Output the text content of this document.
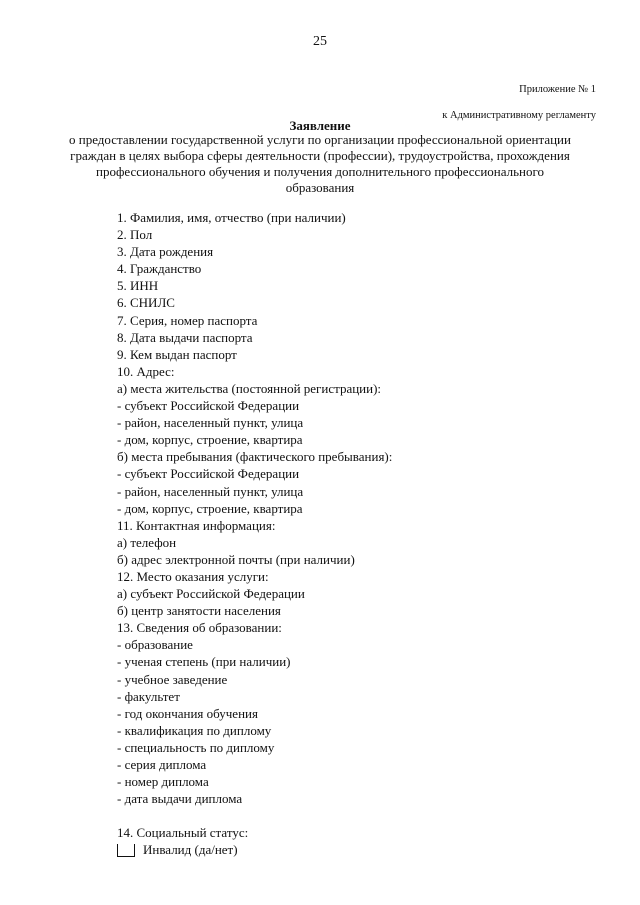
25
Приложение № 1
к Административному регламенту
Заявление
о предоставлении государственной услуги по организации профессиональной ориентации
граждан в целях выбора сферы деятельности (профессии), трудоустройства, прохождения
профессионального обучения и получения дополнительного профессионального
образования
1. Фамилия, имя, отчество (при наличии)
2. Пол
3. Дата рождения
4. Гражданство
5. ИНН
6. СНИЛС
7. Серия, номер паспорта
8. Дата выдачи паспорта
9. Кем выдан паспорт
10. Адрес:
а) места жительства (постоянной регистрации):
- субъект Российской Федерации
- район, населенный пункт, улица
- дом, корпус, строение, квартира
б) места пребывания (фактического пребывания):
- субъект Российской Федерации
- район, населенный пункт, улица
- дом, корпус, строение, квартира
11. Контактная информация:
а) телефон
б) адрес электронной почты (при наличии)
12. Место оказания услуги:
а) субъект Российской Федерации
б) центр занятости населения
13. Сведения об образовании:
- образование
- ученая степень (при наличии)
- учебное заведение
- факультет
- год окончания обучения
- квалификация по диплому
- специальность по диплому
- серия диплома
- номер диплома
- дата выдачи диплома
14. Социальный статус:
Инвалид (да/нет)
